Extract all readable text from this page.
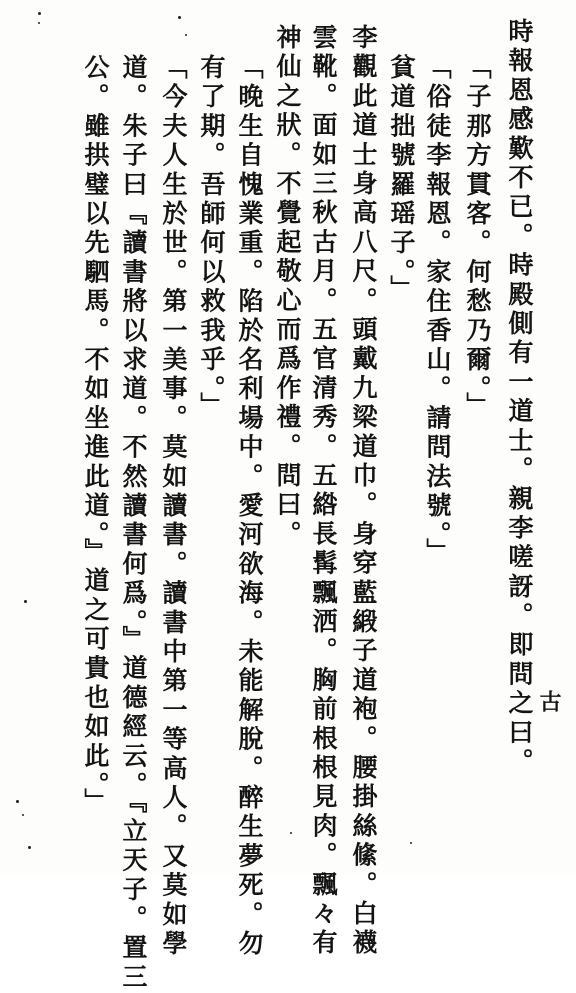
時報恩感歎不已。時殿側有一道士。親李嗟訝。即問之曰。
「子那方貫客。何愁乃爾。」
「俗徒李報恩。家住香山。請問法號。」
貧道拙號羅瑶子。」
李觀此道士身高八尺。頭戴九梁道巾。身穿藍緞子道袍。腰掛絲絛。白襪
雲靴。面如三秋古月。五官清秀。五綹長髯飄洒。胸前根根見肉。飄々有
神仙之狀。不覺起敬心而爲作禮。問曰。
「晚生自愧業重。陷於名利場中。愛河欲海。未能解脫。醉生夢死。勿
有了期。吾師何以救我乎。」
「今夫人生於世。第一美事。莫如讀書。讀書中第一等高人。又莫如學
道。朱子曰『讀書將以求道。不然讀書何爲。』道德經云。『立天子。置三
公。雖拱璧以先駟馬。不如坐進此道。』道之可貴也如此。」	古
